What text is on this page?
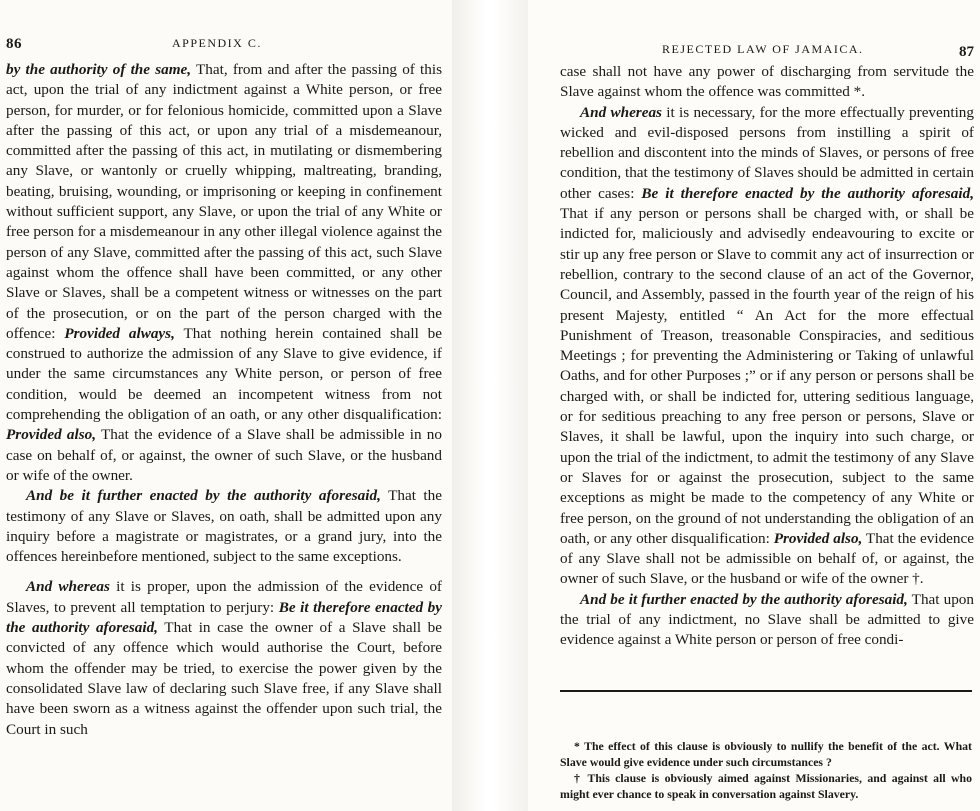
86	APPENDIX C.

by the authority of the same, That, from and after the passing of this act, upon the trial of any indictment against a White person, or free person, for murder, or for felonious homicide, committed upon a Slave after the passing of this act, or upon any trial of a misdemeanour, committed after the passing of this act, in mutilating or dismembering any Slave, or wantonly or cruelly whipping, maltreating, branding, beating, bruising, wounding, or imprisoning or keeping in confinement without sufficient support, any Slave, or upon the trial of any White or free person for a misdemeanour in any other illegal violence against the person of any Slave, committed after the passing of this act, such Slave against whom the offence shall have been committed, or any other Slave or Slaves, shall be a competent witness or witnesses on the part of the prosecution, or on the part of the person charged with the offence: Provided always, That nothing herein contained shall be construed to authorize the admission of any Slave to give evidence, if under the same circumstances any White person, or person of free condition, would be deemed an incompetent witness from not comprehending the obligation of an oath, or any other disqualification: Provided also, That the evidence of a Slave shall be admissible in no case on behalf of, or against, the owner of such Slave, or the husband or wife of the owner.

And be it further enacted by the authority aforesaid, That the testimony of any Slave or Slaves, on oath, shall be admitted upon any inquiry before a magistrate or magistrates, or a grand jury, into the offences hereinbefore mentioned, subject to the same exceptions.

And whereas it is proper, upon the admission of the evidence of Slaves, to prevent all temptation to perjury: Be it therefore enacted by the authority aforesaid, That in case the owner of a Slave shall be convicted of any offence which would authorise the Court, before whom the offender may be tried, to exercise the power given by the consolidated Slave law of declaring such Slave free, if any Slave shall have been sworn as a witness against the offender upon such trial, the Court in such

REJECTED LAW OF JAMAICA.	87

case shall not have any power of discharging from servitude the Slave against whom the offence was committed *.

And whereas it is necessary, for the more effectually preventing wicked and evil-disposed persons from instilling a spirit of rebellion and discontent into the minds of Slaves, or persons of free condition, that the testimony of Slaves should be admitted in certain other cases: Be it therefore enacted by the authority aforesaid, That if any person or persons shall be charged with, or shall be indicted for, maliciously and advisedly endeavouring to excite or stir up any free person or Slave to commit any act of insurrection or rebellion, contrary to the second clause of an act of the Governor, Council, and Assembly, passed in the fourth year of the reign of his present Majesty, entitled “ An Act for the more effectual Punishment of Treason, treasonable Conspiracies, and seditious Meetings ; for preventing the Administering or Taking of unlawful Oaths, and for other Purposes ;” or if any person or persons shall be charged with, or shall be indicted for, uttering seditious language, or for seditious preaching to any free person or persons, Slave or Slaves, it shall be lawful, upon the inquiry into such charge, or upon the trial of the indictment, to admit the testimony of any Slave or Slaves for or against the prosecution, subject to the same exceptions as might be made to the competency of any White or free person, on the ground of not understanding the obligation of an oath, or any other disqualification: Provided also, That the evidence of any Slave shall not be admissible on behalf of, or against, the owner of such Slave, or the husband or wife of the owner †.

And be it further enacted by the authority aforesaid, That upon the trial of any indictment, no Slave shall be admitted to give evidence against a White person or person of free condi-

* The effect of this clause is obviously to nullify the benefit of the act. What Slave would give evidence under such circumstances ?

† This clause is obviously aimed against Missionaries, and against all who might ever chance to speak in conversation against Slavery.
